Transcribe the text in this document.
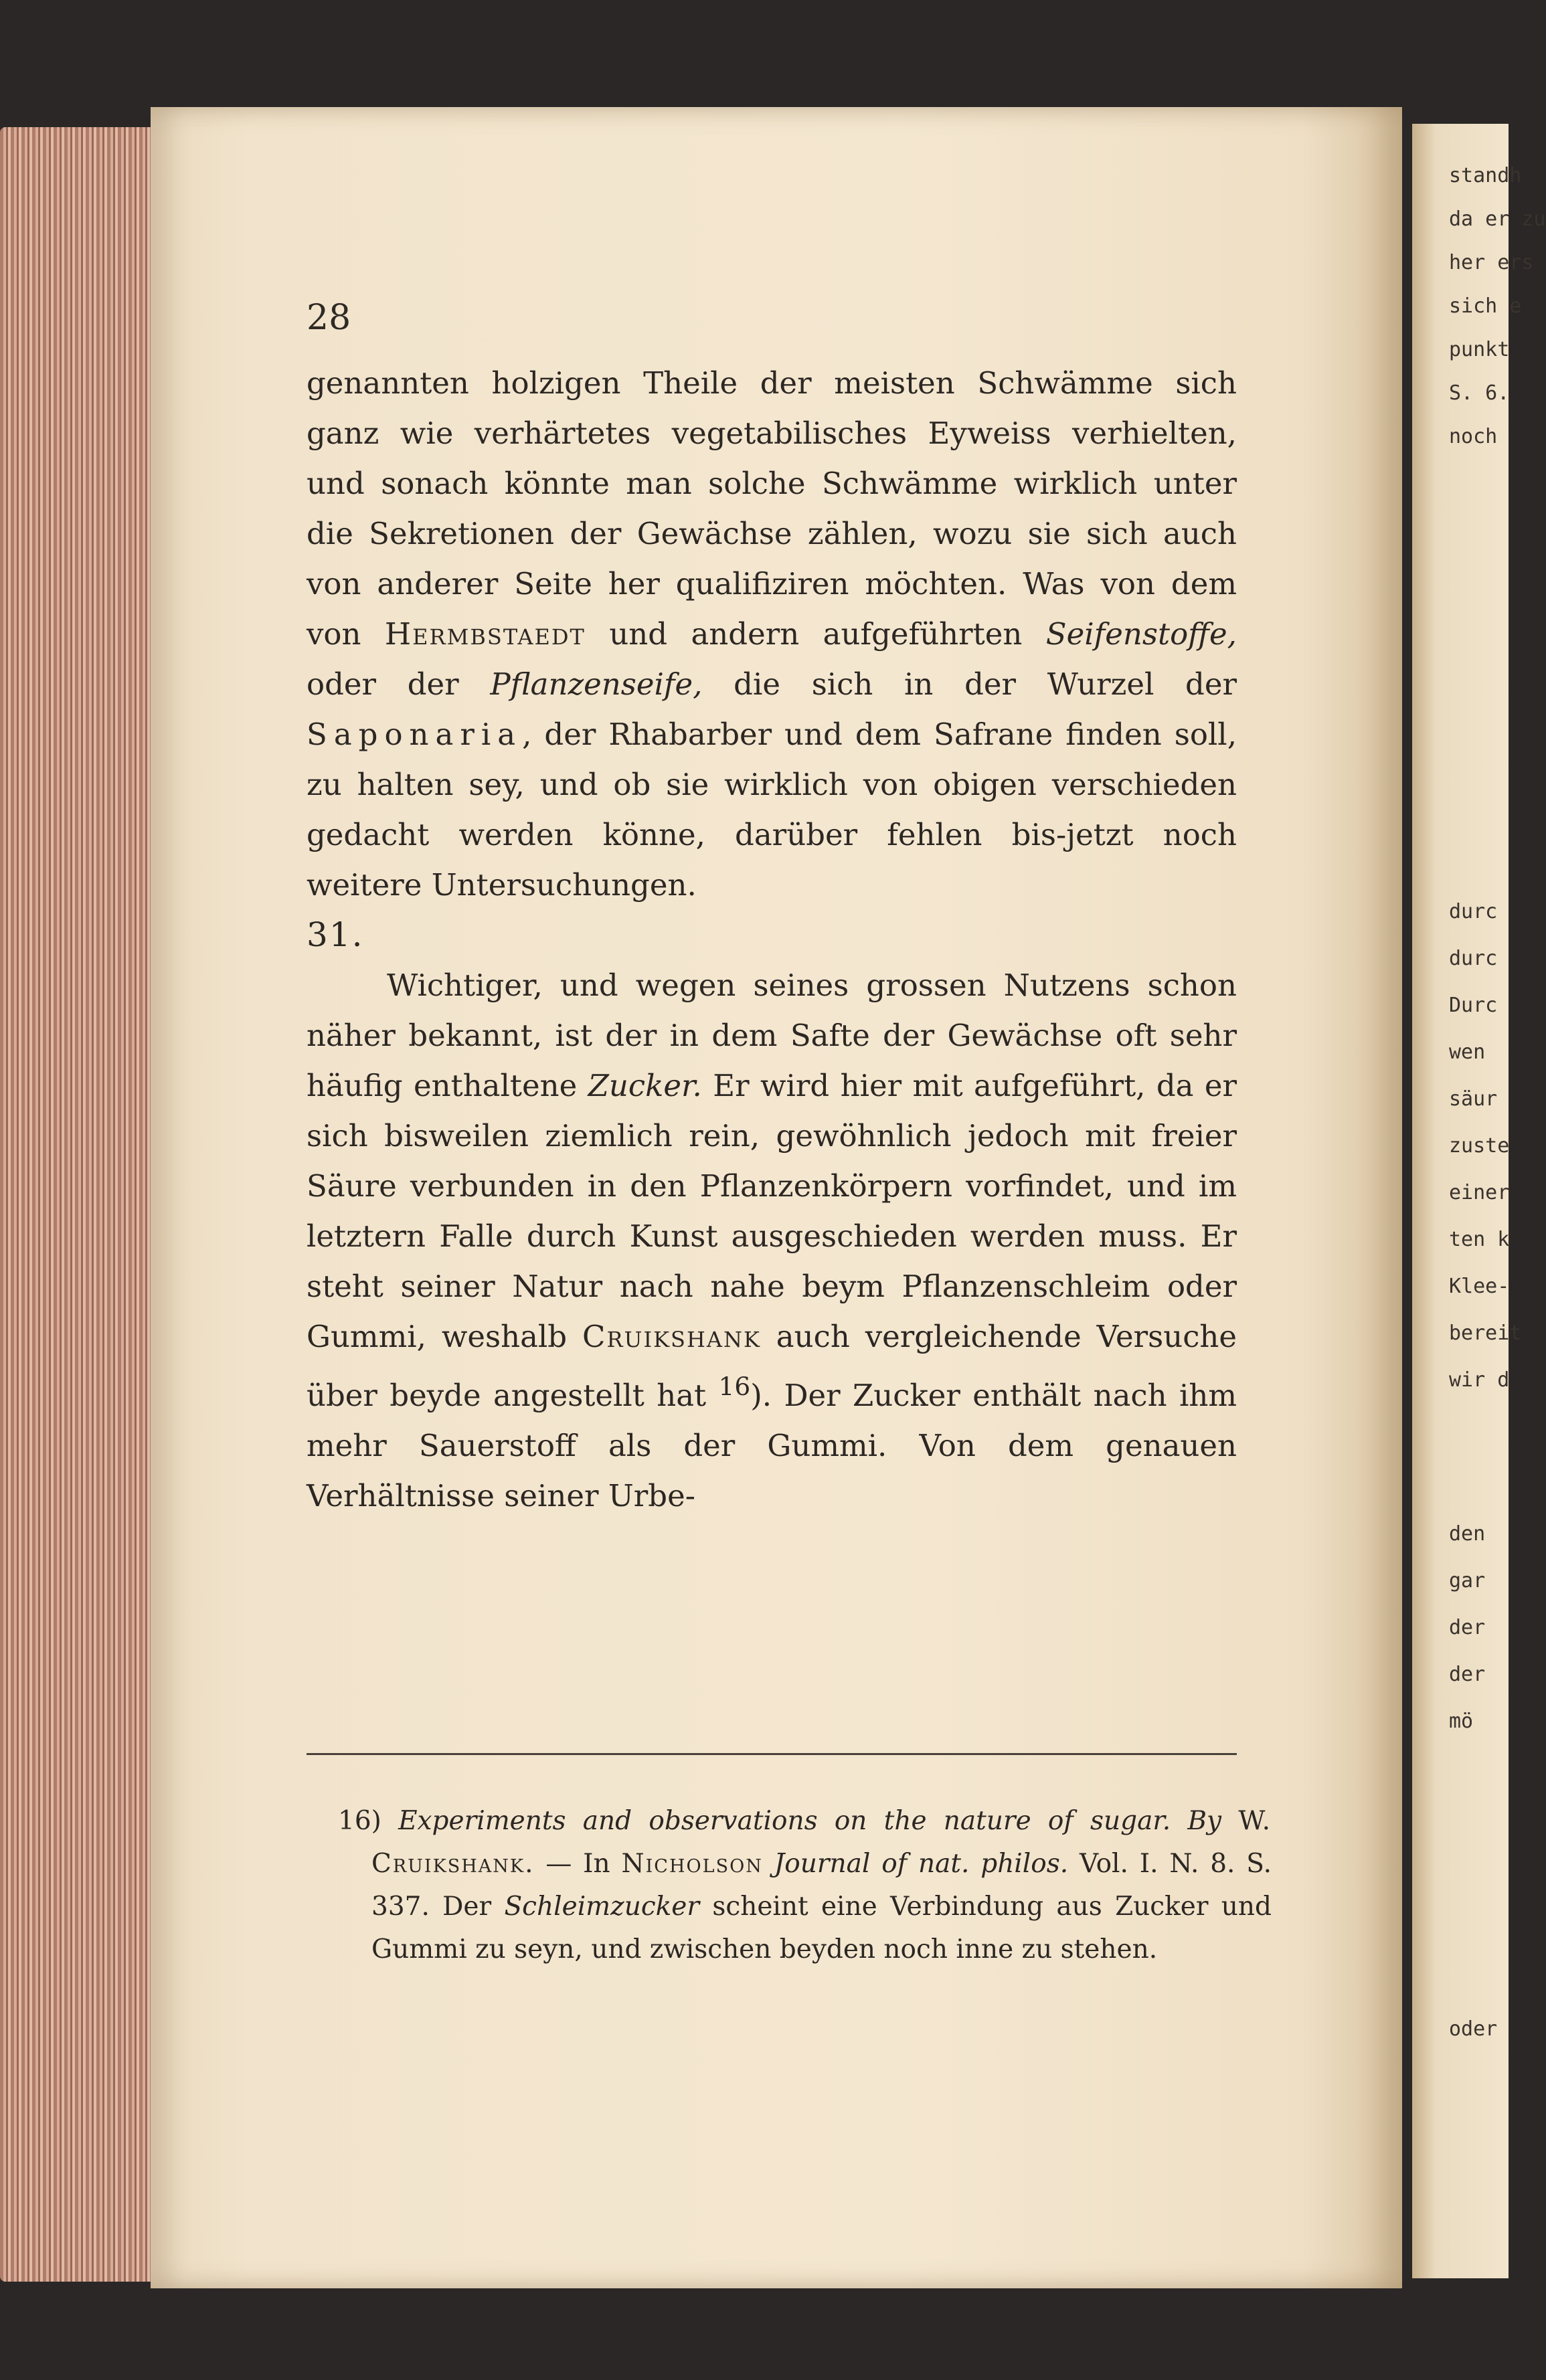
standh

da er zu

her ers

sich e

punkt

S. 6.

noch

durc

durc

Durc

wen

säur

zuste

einer

ten k

Klee-

bereit

wir d

den

gar

der

der

mö

oder

28

genannten holzigen Theile der meisten Schwämme sich ganz wie verhärtetes vegetabilisches Eyweiss verhielten, und sonach könnte man solche Schwämme wirklich unter die Sekretionen der Gewächse zählen, wozu sie sich auch von anderer Seite her qualifiziren möchten. Was von dem von Hermbstaedt und andern aufgeführten Seifenstoffe, oder der Pflanzenseife, die sich in der Wurzel der Saponaria, der Rhabarber und dem Safrane finden soll, zu halten sey, und ob sie wirklich von obigen verschieden gedacht werden könne, darüber fehlen bis-jetzt noch weitere Untersuchungen.

31.

Wichtiger, und wegen seines grossen Nutzens schon näher bekannt, ist der in dem Safte der Gewächse oft sehr häufig enthaltene Zucker. Er wird hier mit aufgeführt, da er sich bisweilen ziemlich rein, gewöhnlich jedoch mit freier Säure verbunden in den Pflanzenkörpern vorfindet, und im letztern Falle durch Kunst ausgeschieden werden muss. Er steht seiner Natur nach nahe beym Pflanzenschleim oder Gummi, weshalb Cruikshank auch vergleichende Versuche über beyde angestellt hat $^{16}$). Der Zucker enthält nach ihm mehr Sauerstoff als der Gummi. Von dem genauen Verhältnisse seiner Urbe-

16) Experiments and observations on the nature of sugar. By W. Cruikshank. — In Nicholson Journal of nat. philos. Vol. I. N. 8. S. 337. Der Schleimzucker scheint eine Verbindung aus Zucker und Gummi zu seyn, und zwischen beyden noch inne zu stehen.
